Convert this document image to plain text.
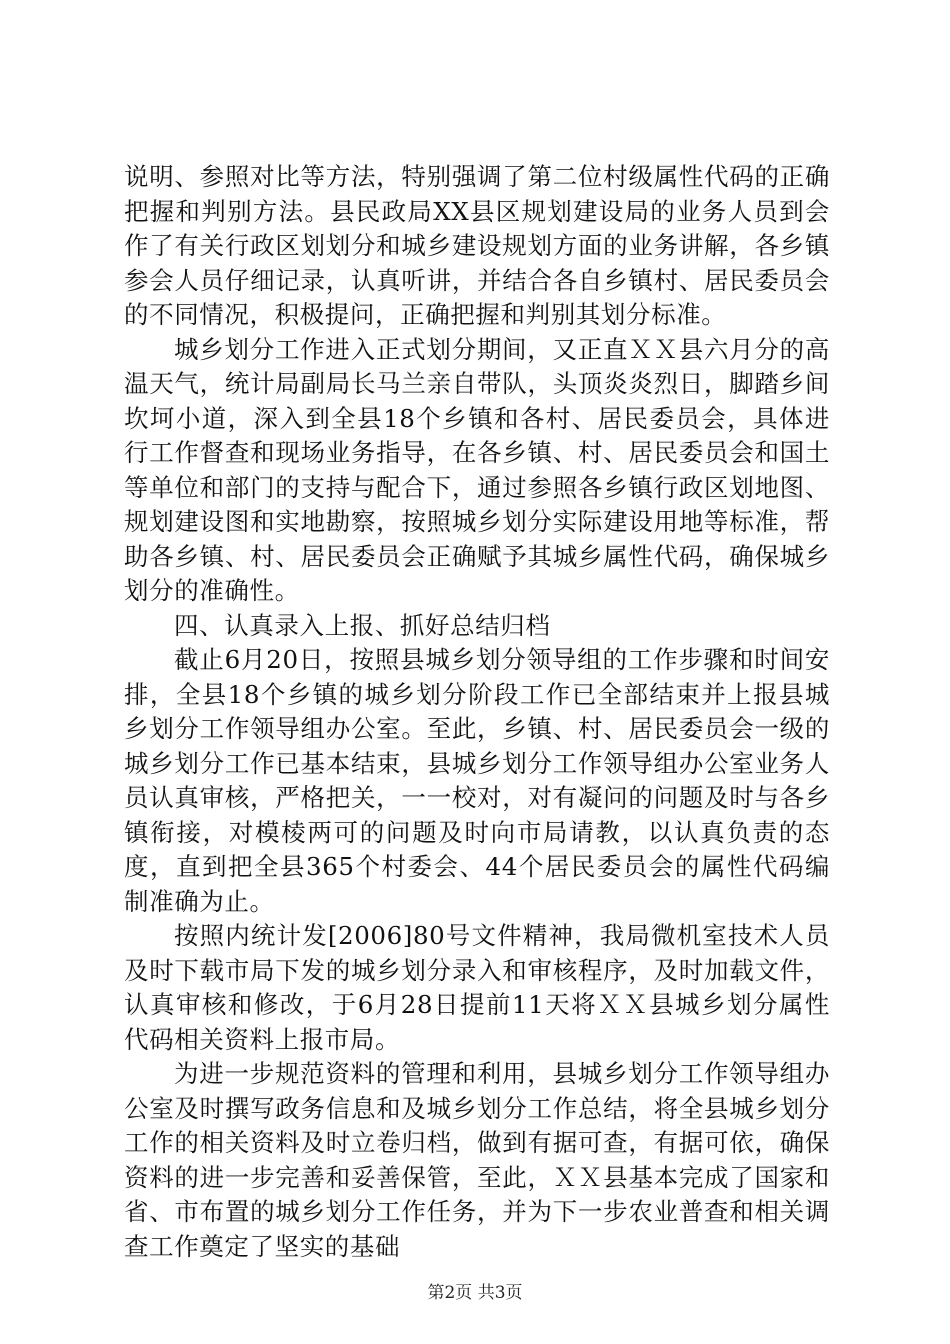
说明、参照对比等方法，特别强调了第二位村级属性代码的正确把握和判别方法。县民政局XX县区规划建设局的业务人员到会作了有关行政区划划分和城乡建设规划方面的业务讲解，各乡镇参会人员仔细记录，认真听讲，并结合各自乡镇村、居民委员会的不同情况，积极提问，正确把握和判别其划分标准。

城乡划分工作进入正式划分期间，又正直ＸＸ县六月分的高温天气，统计局副局长马兰亲自带队，头顶炎炎烈日，脚踏乡间坎坷小道，深入到全县18个乡镇和各村、居民委员会，具体进行工作督查和现场业务指导，在各乡镇、村、居民委员会和国土等单位和部门的支持与配合下，通过参照各乡镇行政区划地图、规划建设图和实地勘察，按照城乡划分实际建设用地等标准，帮助各乡镇、村、居民委员会正确赋予其城乡属性代码，确保城乡划分的准确性。

四、认真录入上报、抓好总结归档

截止6月20日，按照县城乡划分领导组的工作步骤和时间安排，全县18个乡镇的城乡划分阶段工作已全部结束并上报县城乡划分工作领导组办公室。至此，乡镇、村、居民委员会一级的城乡划分工作已基本结束，县城乡划分工作领导组办公室业务人员认真审核，严格把关，一一校对，对有凝问的问题及时与各乡镇衔接，对模棱两可的问题及时向市局请教，以认真负责的态度，直到把全县365个村委会、44个居民委员会的属性代码编制准确为止。

按照内统计发[2006]80号文件精神，我局微机室技术人员及时下载市局下发的城乡划分录入和审核程序，及时加载文件，认真审核和修改，于6月28日提前11天将ＸＸ县城乡划分属性代码相关资料上报市局。

为进一步规范资料的管理和利用，县城乡划分工作领导组办公室及时撰写政务信息和及城乡划分工作总结，将全县城乡划分工作的相关资料及时立卷归档，做到有据可查，有据可依，确保资料的进一步完善和妥善保管，至此，ＸＸ县基本完成了国家和省、市布置的城乡划分工作任务，并为下一步农业普查和相关调查工作奠定了坚实的基础

第2页 共3页
